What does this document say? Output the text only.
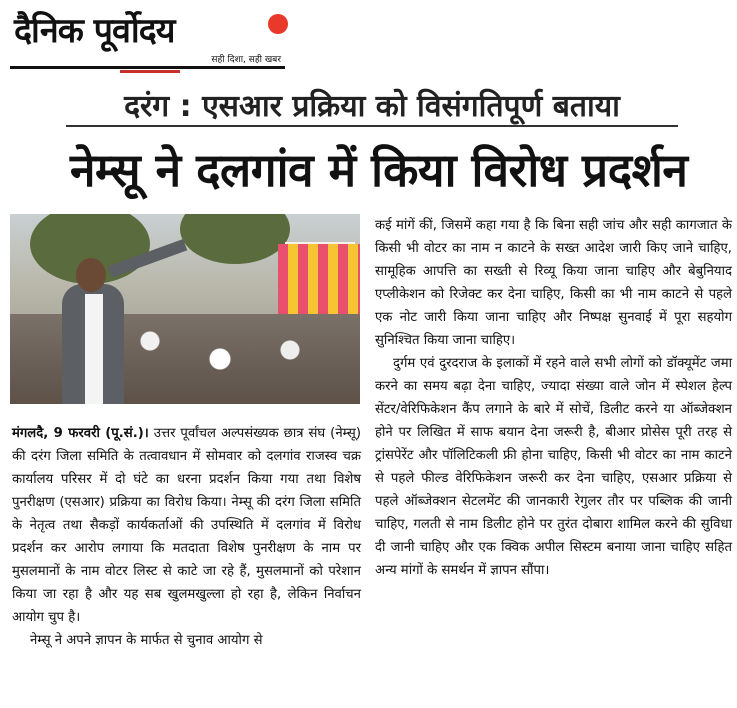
दैनिक पूर्वोदय
सही दिशा, सही खबर
दरंग : एसआर प्रक्रिया को विसंगतिपूर्ण बताया
नेम्सू ने दलगांव में किया विरोध प्रदर्शन

मंगलदै, 9 फरवरी (पू.सं.)। उत्तर पूर्वांचल अल्पसंख्यक छात्र संघ (नेम्सू) की दरंग जिला समिति के तत्वावधान में सोमवार को दलगांव राजस्व चक्र कार्यालय परिसर में दो घंटे का धरना प्रदर्शन किया गया तथा विशेष पुनरीक्षण (एसआर) प्रक्रिया का विरोध किया। नेम्सू की दरंग जिला समिति के नेतृत्व तथा सैकड़ों कार्यकर्ताओं की उपस्थिति में दलगांव में विरोध प्रदर्शन कर आरोप लगाया कि मतदाता विशेष पुनरीक्षण के नाम पर मुसलमानों के नाम वोटर लिस्ट से काटे जा रहे हैं, मुसलमानों को परेशान किया जा रहा है और यह सब खुलमखुल्ला हो रहा है, लेकिन निर्वाचन आयोग चुप है।

नेम्सू ने अपने ज्ञापन के मार्फत से चुनाव आयोग से

कई मांगें कीं, जिसमें कहा गया है कि बिना सही जांच और सही कागजात के किसी भी वोटर का नाम न काटने के सख्त आदेश जारी किए जाने चाहिए, सामूहिक आपत्ति का सख्ती से रिव्यू किया जाना चाहिए और बेबुनियाद एप्लीकेशन को रिजेक्ट कर देना चाहिए, किसी का भी नाम काटने से पहले एक नोट जारी किया जाना चाहिए और निष्पक्ष सुनवाई में पूरा सहयोग सुनिश्चित किया जाना चाहिए।

दुर्गम एवं दुरदराज के इलाकों में रहने वाले सभी लोगों को डॉक्यूमेंट जमा करने का समय बढ़ा देना चाहिए, ज्यादा संख्या वाले जोन में स्पेशल हेल्प सेंटर/वेरिफिकेशन कैंप लगाने के बारे में सोचें, डिलीट करने या ऑब्जेक्शन होने पर लिखित में साफ बयान देना जरूरी है, बीआर प्रोसेस पूरी तरह से ट्रांसपेरेंट और पॉलिटिकली फ्री होना चाहिए, किसी भी वोटर का नाम काटने से पहले फील्ड वेरिफिकेशन जरूरी कर देना चाहिए, एसआर प्रक्रिया से पहले ऑब्जेक्शन सेटलमेंट की जानकारी रेगुलर तौर पर पब्लिक की जानी चाहिए, गलती से नाम डिलीट होने पर तुरंत दोबारा शामिल करने की सुविधा दी जानी चाहिए और एक क्विक अपील सिस्टम बनाया जाना चाहिए सहित अन्य मांगों के समर्थन में ज्ञापन सौंपा।
